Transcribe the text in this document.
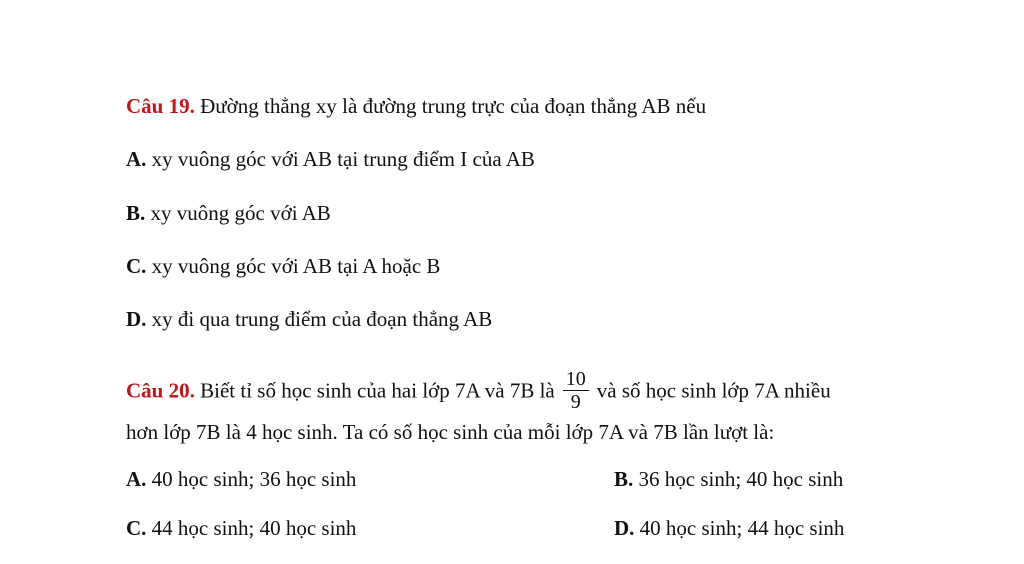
Câu 19. Đường thẳng xy là đường trung trực của đoạn thẳng AB nếu
A. xy vuông góc với AB tại trung điểm I của AB
B. xy vuông góc với AB
C. xy vuông góc với AB tại A hoặc B
D. xy đi qua trung điểm của đoạn thẳng AB
Câu 20. Biết tỉ số học sinh của hai lớp 7A và 7B là $\frac{10}{9}$ và số học sinh lớp 7A nhiều
hơn lớp 7B là 4 học sinh. Ta có số học sinh của mỗi lớp 7A và 7B lần lượt là:
A. 40 học sinh; 36 học sinh	B. 36 học sinh; 40 học sinh
C. 44 học sinh; 40 học sinh	D. 40 học sinh; 44 học sinh
